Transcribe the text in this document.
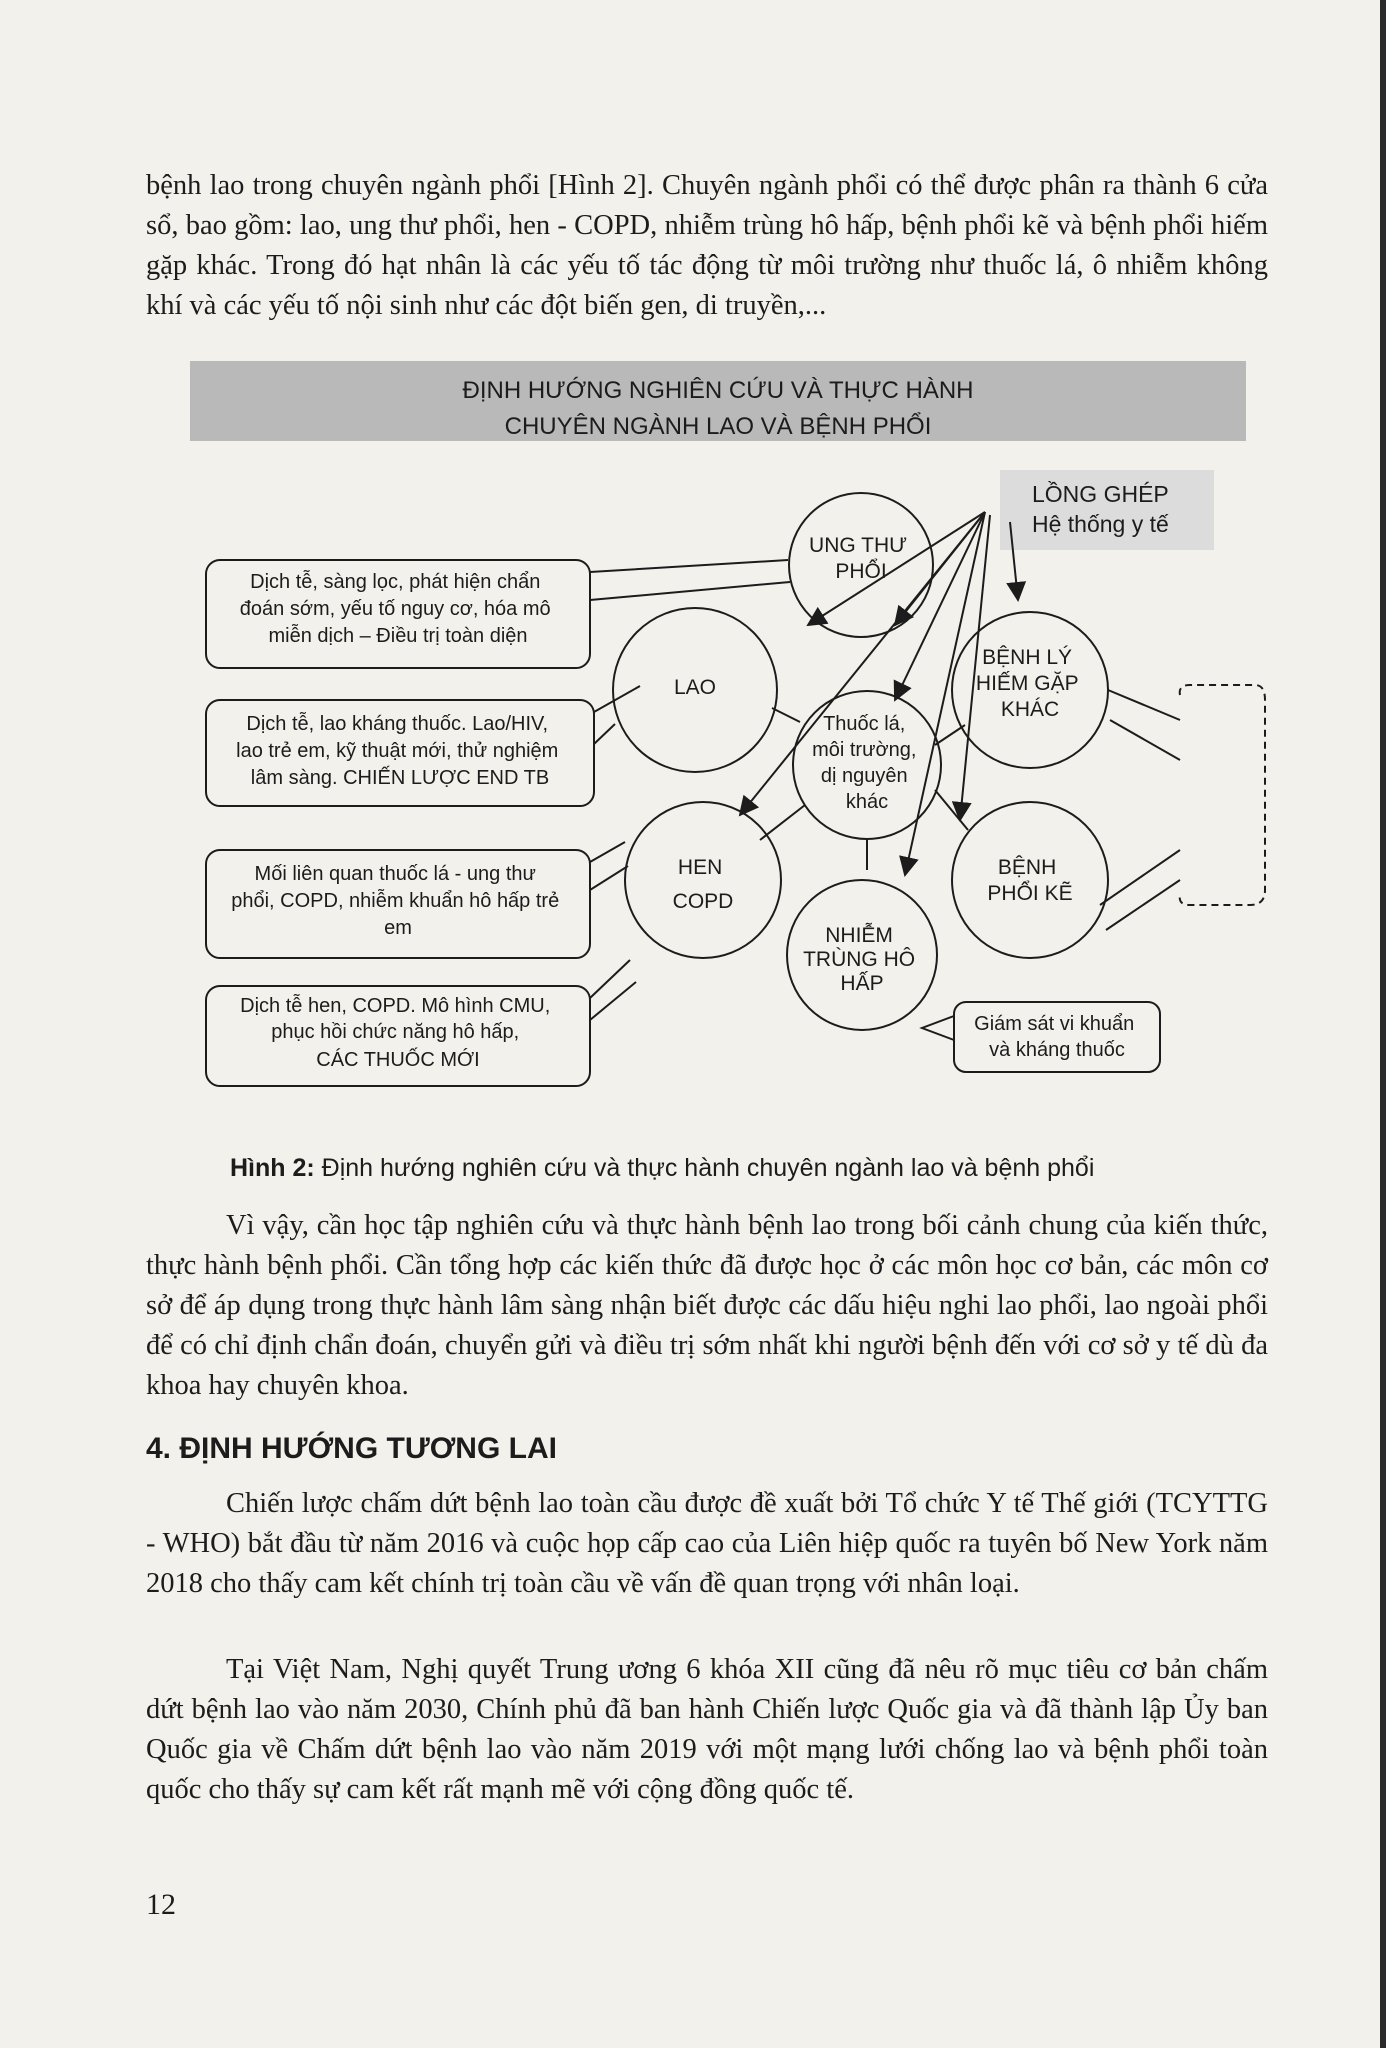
bệnh lao trong chuyên ngành phổi [Hình 2]. Chuyên ngành phổi có thể được phân ra thành 6 cửa sổ, bao gồm: lao, ung thư phổi, hen - COPD, nhiễm trùng hô hấp, bệnh phổi kẽ và bệnh phổi hiếm gặp khác. Trong đó hạt nhân là các yếu tố tác động từ môi trường như thuốc lá, ô nhiễm không khí và các yếu tố nội sinh như các đột biến gen, di truyền,...

ĐỊNH HƯỚNG NGHIÊN CỨU VÀ THỰC HÀNH
CHUYÊN NGÀNH LAO VÀ BỆNH PHỔI
LỒNG GHÉP Hệ thống y tế
UNG THƯ PHỔI
LAO
Thuốc lá, môi trường, dị nguyên khác
BỆNH LÝ HIẾM GẶP KHÁC
HEN COPD
BỆNH PHỔI KẼ
NHIỄM TRÙNG HÔ HẤP
Dịch tễ, sàng lọc, phát hiện chẩn đoán sớm, yếu tố nguy cơ, hóa mô miễn dịch – Điều trị toàn diện
Dịch tễ, lao kháng thuốc. Lao/HIV, lao trẻ em, kỹ thuật mới, thử nghiệm lâm sàng. CHIẾN LƯỢC END TB
Mối liên quan thuốc lá - ung thư phổi, COPD, nhiễm khuẩn hô hấp trẻ em
Dịch tễ hen, COPD. Mô hình CMU, phục hồi chức năng hô hấp, CÁC THUỐC MỚI
Giám sát vi khuẩn và kháng thuốc

Hình 2: Định hướng nghiên cứu và thực hành chuyên ngành lao và bệnh phổi

Vì vậy, cần học tập nghiên cứu và thực hành bệnh lao trong bối cảnh chung của kiến thức, thực hành bệnh phổi. Cần tổng hợp các kiến thức đã được học ở các môn học cơ bản, các môn cơ sở để áp dụng trong thực hành lâm sàng nhận biết được các dấu hiệu nghi lao phổi, lao ngoài phổi để có chỉ định chẩn đoán, chuyển gửi và điều trị sớm nhất khi người bệnh đến với cơ sở y tế dù đa khoa hay chuyên khoa.

4. ĐỊNH HƯỚNG TƯƠNG LAI

Chiến lược chấm dứt bệnh lao toàn cầu được đề xuất bởi Tổ chức Y tế Thế giới (TCYTTG - WHO) bắt đầu từ năm 2016 và cuộc họp cấp cao của Liên hiệp quốc ra tuyên bố New York năm 2018 cho thấy cam kết chính trị toàn cầu về vấn đề quan trọng với nhân loại.

Tại Việt Nam, Nghị quyết Trung ương 6 khóa XII cũng đã nêu rõ mục tiêu cơ bản chấm dứt bệnh lao vào năm 2030, Chính phủ đã ban hành Chiến lược Quốc gia và đã thành lập Ủy ban Quốc gia về Chấm dứt bệnh lao vào năm 2019 với một mạng lưới chống lao và bệnh phổi toàn quốc cho thấy sự cam kết rất mạnh mẽ với cộng đồng quốc tế.

12
